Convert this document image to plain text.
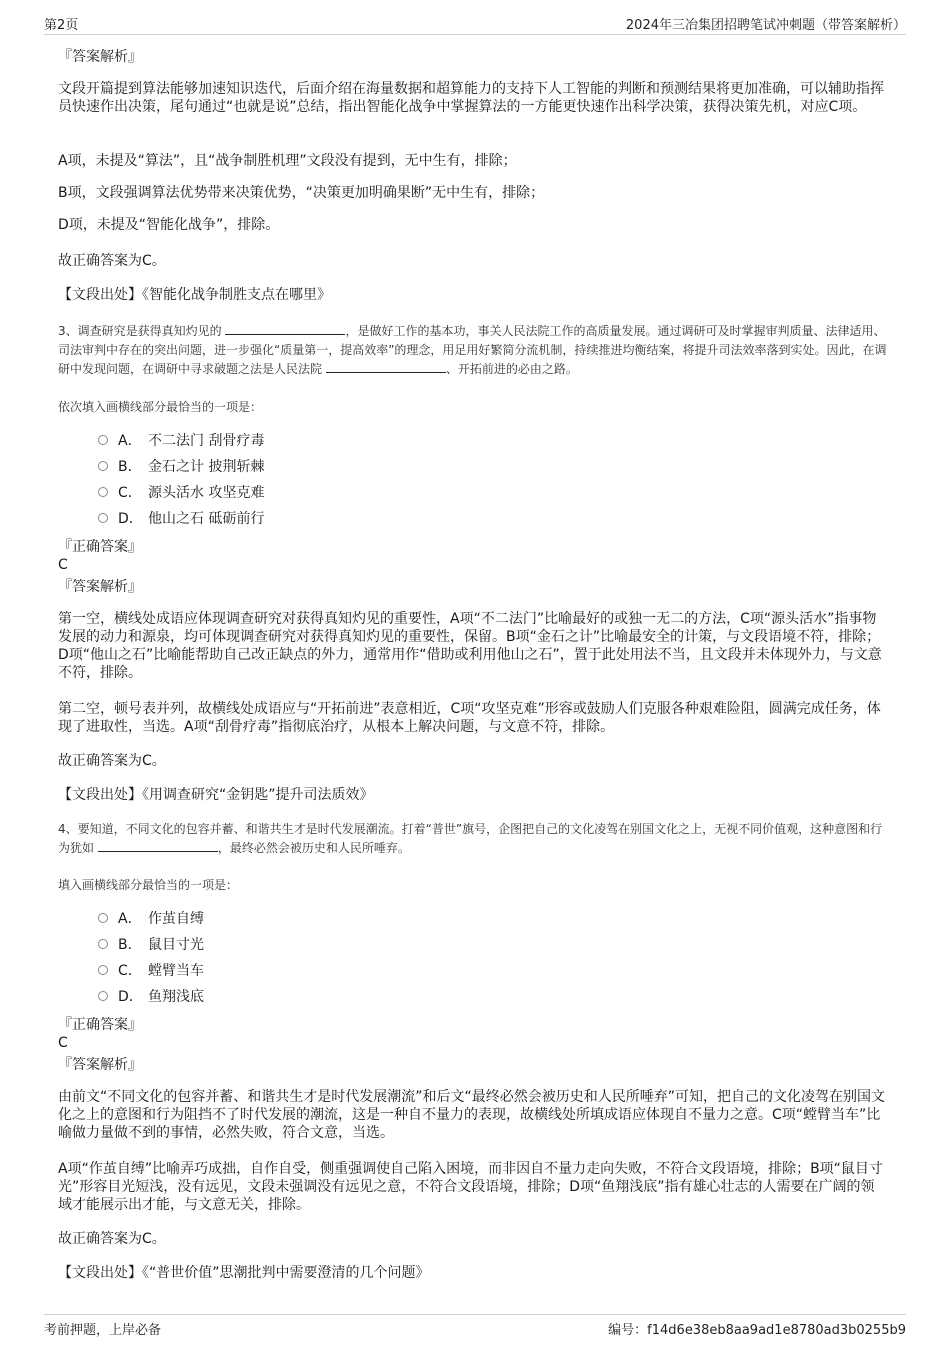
第2页	2024年三冶集团招聘笔试冲刺题（带答案解析）

『答案解析』

文段开篇提到算法能够加速知识迭代，后面介绍在海量数据和超算能力的支持下人工智能的判断和预测结果将更加准确，可以辅助指挥员快速作出决策，尾句通过“也就是说”总结，指出智能化战争中掌握算法的一方能更快速作出科学决策，获得决策先机，对应C项。

A项，未提及“算法”，且“战争制胜机理”文段没有提到，无中生有，排除；

B项，文段强调算法优势带来决策优势，“决策更加明确果断”无中生有，排除；

D项，未提及“智能化战争”，排除。

故正确答案为C。

【文段出处】《智能化战争制胜支点在哪里》

3、调查研究是获得真知灼见的	，是做好工作的基本功，事关人民法院工作的高质量发展。通过调研可及时掌握审判质量、法律适用、司法审判中存在的突出问题，进一步强化“质量第一，提高效率”的理念，用足用好繁简分流机制，持续推进均衡结案，将提升司法效率落到实处。因此，在调研中发现问题，在调研中寻求破题之法是人民法院	、开拓前进的必由之路。

依次填入画横线部分最恰当的一项是：

A． 不二法门 刮骨疗毒
B． 金石之计 披荆斩棘
C． 源头活水 攻坚克难
D． 他山之石 砥砺前行

『正确答案』

C

『答案解析』

第一空，横线处成语应体现调查研究对获得真知灼见的重要性，A项“不二法门”比喻最好的或独一无二的方法，C项“源头活水”指事物发展的动力和源泉，均可体现调查研究对获得真知灼见的重要性，保留。B项“金石之计”比喻最安全的计策，与文段语境不符，排除；D项“他山之石”比喻能帮助自己改正缺点的外力，通常用作“借助或利用他山之石”，置于此处用法不当，且文段并未体现外力，与文意不符，排除。

第二空，顿号表并列，故横线处成语应与“开拓前进”表意相近，C项“攻坚克难”形容或鼓励人们克服各种艰难险阻，圆满完成任务，体现了进取性，当选。A项“刮骨疗毒”指彻底治疗，从根本上解决问题，与文意不符，排除。

故正确答案为C。

【文段出处】《用调查研究“金钥匙”提升司法质效》

4、要知道，不同文化的包容并蓄、和谐共生才是时代发展潮流。打着“普世”旗号，企图把自己的文化凌驾在别国文化之上，无视不同价值观，这种意图和行为犹如	，最终必然会被历史和人民所唾弃。

填入画横线部分最恰当的一项是：

A． 作茧自缚
B． 鼠目寸光
C． 螳臂当车
D． 鱼翔浅底

『正确答案』

C

『答案解析』

由前文“不同文化的包容并蓄、和谐共生才是时代发展潮流”和后文“最终必然会被历史和人民所唾弃”可知，把自己的文化凌驾在别国文化之上的意图和行为阻挡不了时代发展的潮流，这是一种自不量力的表现，故横线处所填成语应体现自不量力之意。C项“螳臂当车”比喻做力量做不到的事情，必然失败，符合文意，当选。

A项“作茧自缚”比喻弄巧成拙，自作自受，侧重强调使自己陷入困境，而非因自不量力走向失败，不符合文段语境，排除；B项“鼠目寸光”形容目光短浅，没有远见，文段未强调没有远见之意，不符合文段语境，排除；D项“鱼翔浅底”指有雄心壮志的人需要在广阔的领域才能展示出才能，与文意无关，排除。

故正确答案为C。

【文段出处】《“普世价值”思潮批判中需要澄清的几个问题》

考前押题，上岸必备	编号：f14d6e38eb8aa9ad1e8780ad3b0255b9
